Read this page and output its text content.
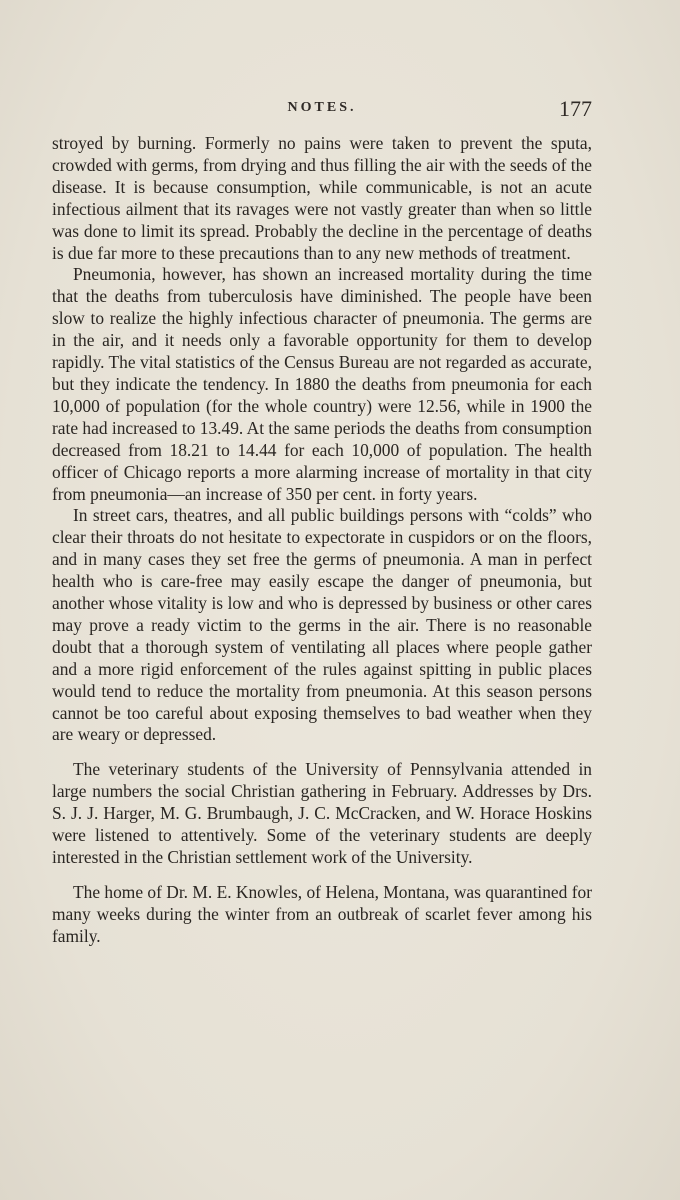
NOTES.	177

stroyed by burning. Formerly no pains were taken to prevent the sputa, crowded with germs, from drying and thus filling the air with the seeds of the disease. It is because consumption, while communicable, is not an acute infectious ailment that its ravages were not vastly greater than when so little was done to limit its spread. Probably the decline in the percentage of deaths is due far more to these precautions than to any new methods of treatment.

Pneumonia, however, has shown an increased mortality during the time that the deaths from tuberculosis have diminished. The people have been slow to realize the highly infectious character of pneumonia. The germs are in the air, and it needs only a favorable opportunity for them to develop rapidly. The vital statistics of the Census Bureau are not regarded as accurate, but they indicate the tendency. In 1880 the deaths from pneumonia for each 10,000 of population (for the whole country) were 12.56, while in 1900 the rate had increased to 13.49. At the same periods the deaths from consumption decreased from 18.21 to 14.44 for each 10,000 of population. The health officer of Chicago reports a more alarming increase of mortality in that city from pneumonia—an increase of 350 per cent. in forty years.

In street cars, theatres, and all public buildings persons with “colds” who clear their throats do not hesitate to expectorate in cuspidors or on the floors, and in many cases they set free the germs of pneumonia. A man in perfect health who is care-free may easily escape the danger of pneumonia, but another whose vitality is low and who is depressed by business or other cares may prove a ready victim to the germs in the air. There is no reasonable doubt that a thorough system of ventilating all places where people gather and a more rigid enforcement of the rules against spitting in public places would tend to reduce the mortality from pneumonia. At this season persons cannot be too careful about exposing themselves to bad weather when they are weary or depressed.

The veterinary students of the University of Pennsylvania attended in large numbers the social Christian gathering in February. Addresses by Drs. S. J. J. Harger, M. G. Brumbaugh, J. C. McCracken, and W. Horace Hoskins were listened to attentively. Some of the veterinary students are deeply interested in the Christian settlement work of the University.

The home of Dr. M. E. Knowles, of Helena, Montana, was quarantined for many weeks during the winter from an outbreak of scarlet fever among his family.
